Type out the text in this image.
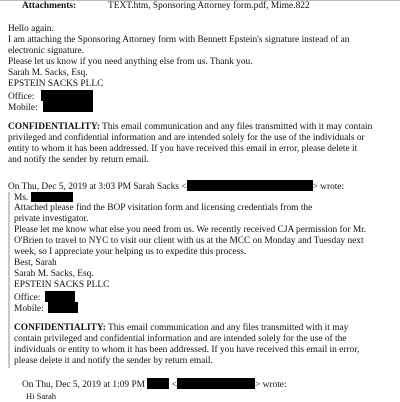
Attachments:	TEXT.htm, Sponsoring Attorney form.pdf, Mime.822
Hello again.
I am attaching the Sponsoring Attorney form with Bennett Epstein's signature instead of an
electronic signature.
Please let us know if you need anything else from us. Thank you.
Sarah M. Sacks, Esq.
EPSTEIN SACKS PLLC
Office:
Mobile:
CONFIDENTIALITY: This email communication and any files transmitted with it may contain
privileged and confidential information and are intended solely for the use of the individuals or
entity to whom it has been addressed. If you have received this email in error, please delete it
and notify the sender by return email.
On Thu, Dec 5, 2019 at 3:03 PM Sarah Sacks <	> wrote:
Ms.
Attached please find the BOP visitation form and licensing credentials from the
private investigator.
Please let me know what else you need from us. We recently received CJA permission for Mr.
O'Brien to travel to NYC to visit our client with us at the MCC on Monday and Tuesday next
week, so I appreciate your helping us to expedite this process.
Best, Sarah
Sarah M. Sacks, Esq.
EPSTEIN SACKS PLLC
Office:
Mobile:
CONFIDENTIALITY: This email communication and any files transmitted with it may
contain privileged and confidential information and are intended solely for the use of the
individuals or entity to whom it has been addressed. If you have received this email in error,
please delete it and notify the sender by return email.
On Thu, Dec 5, 2019 at 1:09 PM	<	> wrote:
Hi Sarah
